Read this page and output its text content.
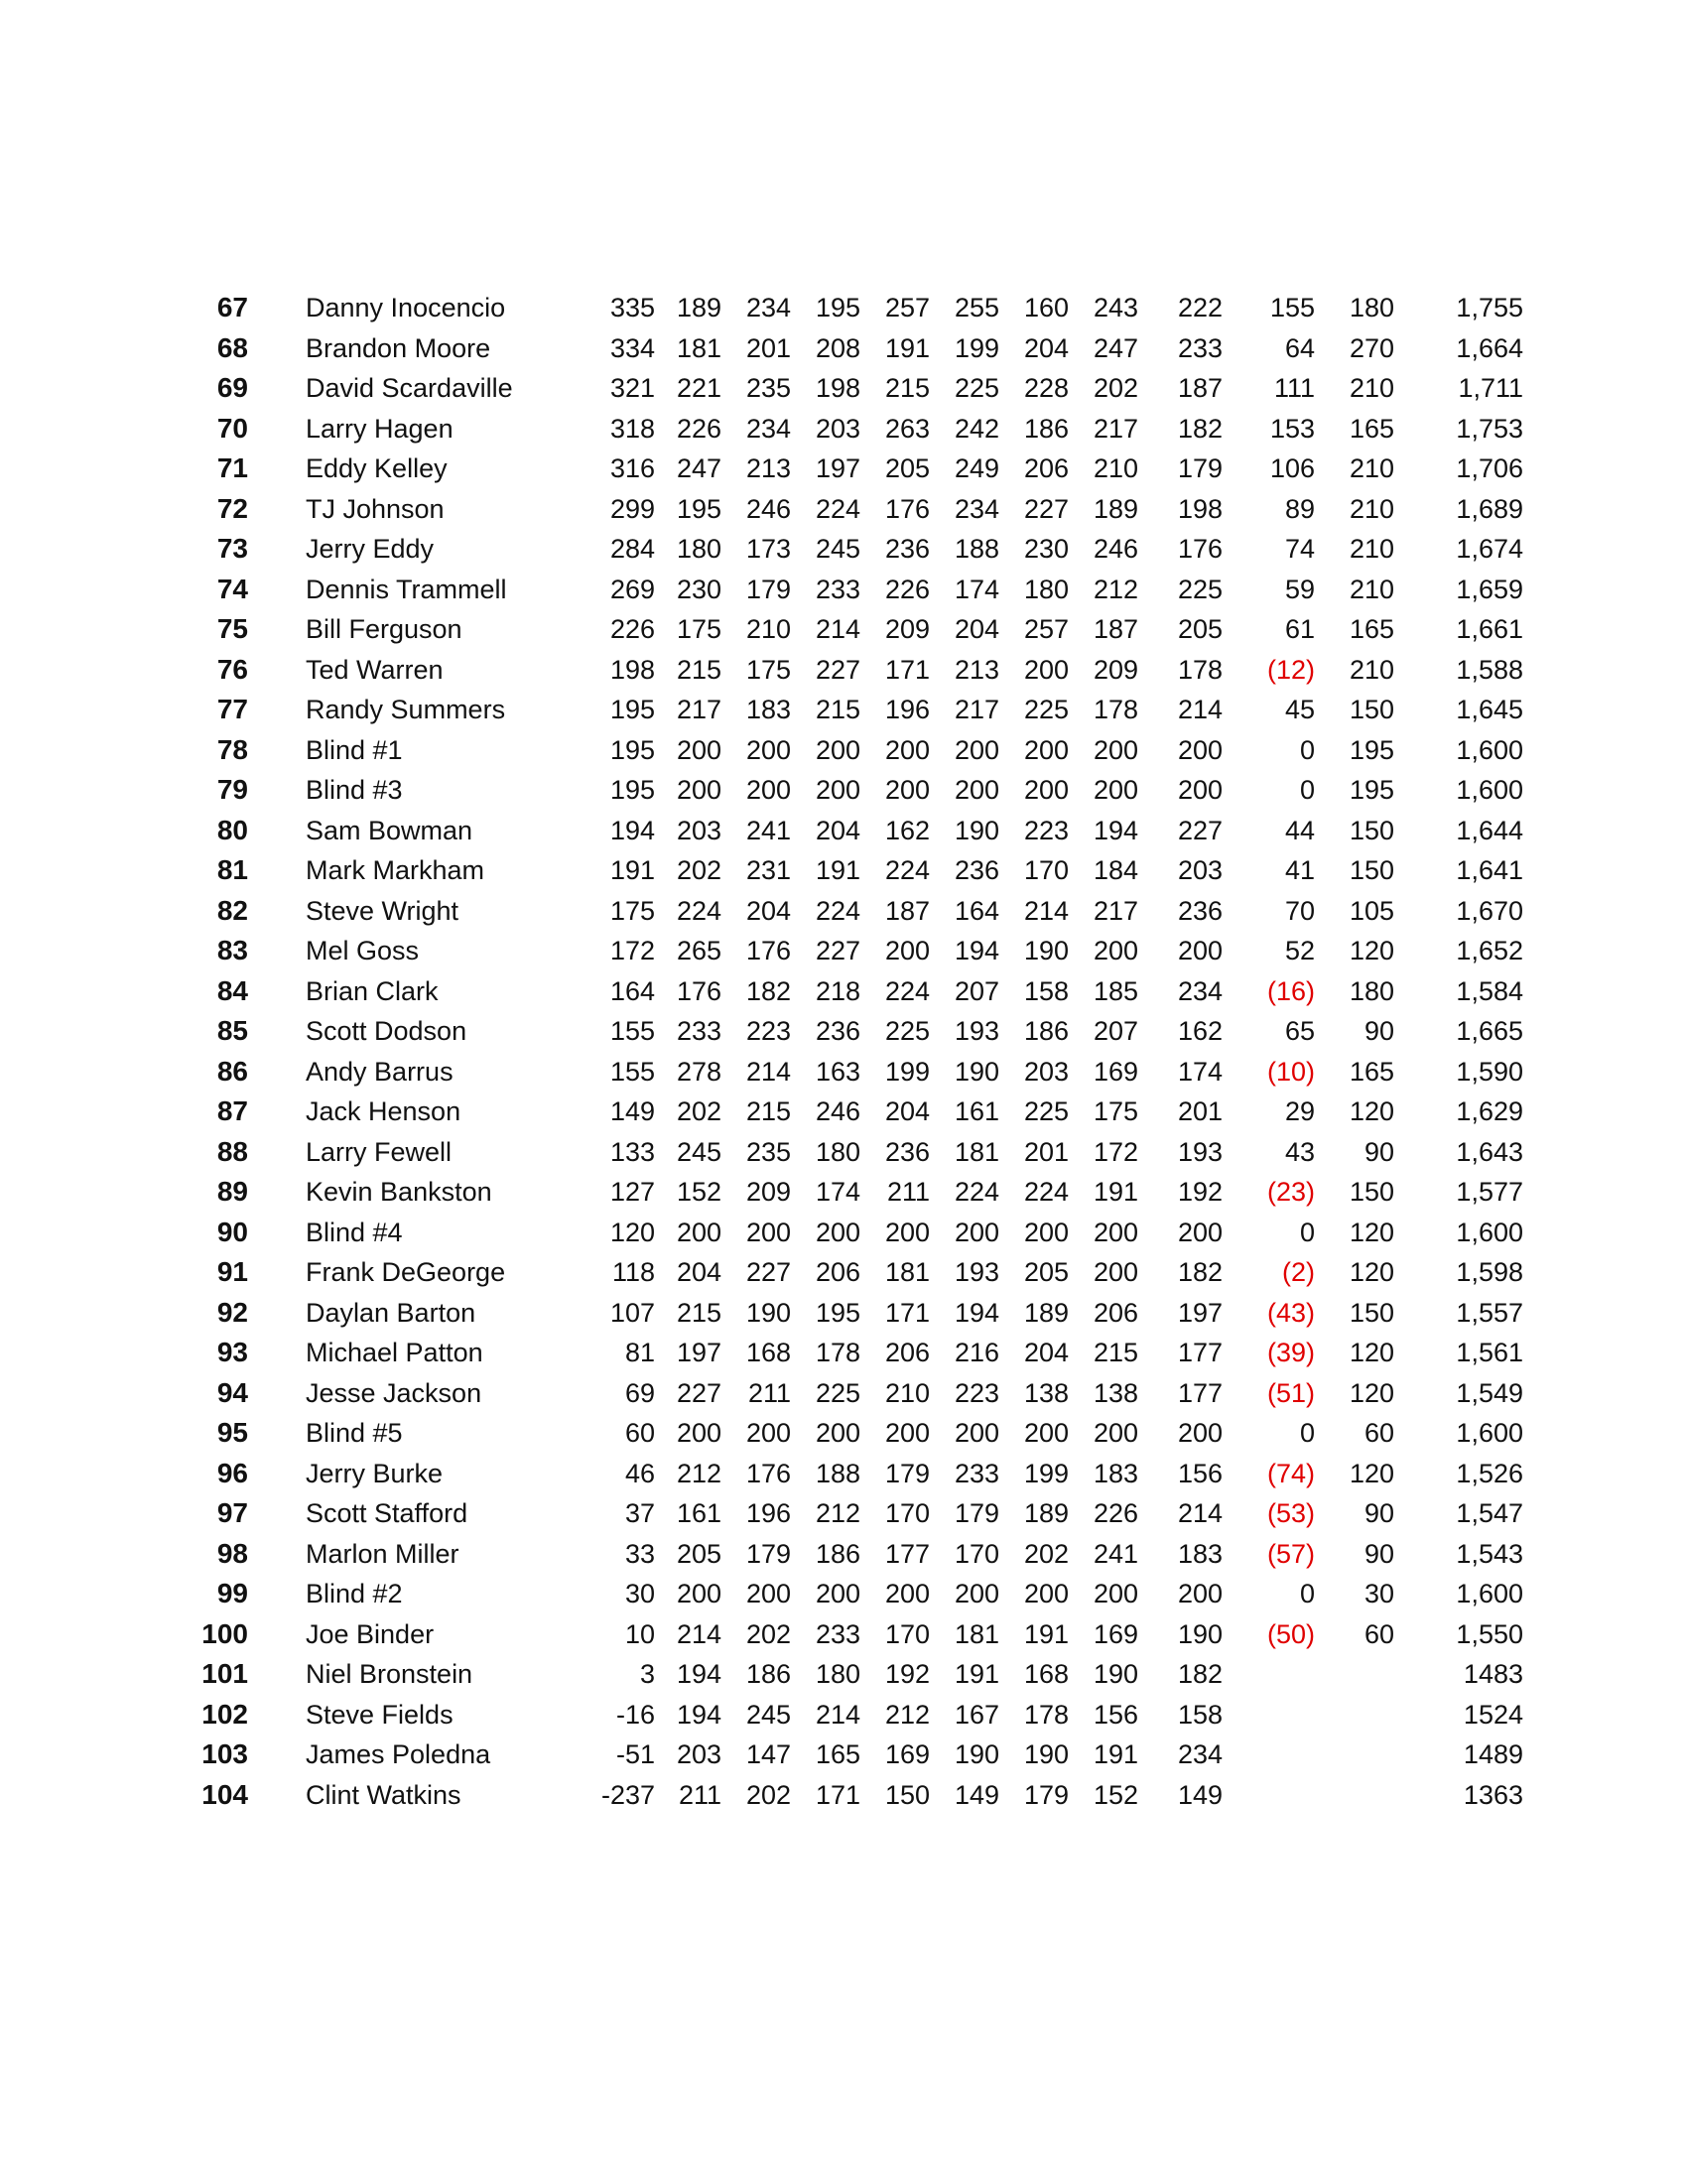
67 Danny Inocencio	335 189 234 195 257 255 160 243 222 155 180 1,755
68 Brandon Moore	334 181 201 208 191 199 204 247 233 64 270 1,664
69 David Scardaville	321 221 235 198 215 225 228 202 187 111 210 1,711
70 Larry Hagen	318 226 234 203 263 242 186 217 182 153 165 1,753
71 Eddy Kelley	316 247 213 197 205 249 206 210 179 106 210 1,706
72 TJ Johnson	299 195 246 224 176 234 227 189 198 89 210 1,689
73 Jerry Eddy	284 180 173 245 236 188 230 246 176 74 210 1,674
74 Dennis Trammell	269 230 179 233 226 174 180 212 225 59 210 1,659
75 Bill Ferguson	226 175 210 214 209 204 257 187 205 61 165 1,661
76 Ted Warren	198 215 175 227 171 213 200 209 178 (12) 210 1,588
77 Randy Summers	195 217 183 215 196 217 225 178 214 45 150 1,645
78 Blind #1	195 200 200 200 200 200 200 200 200	0 195 1,600
79 Blind #3	195 200 200 200 200 200 200 200 200	0 195 1,600
80 Sam Bowman	194 203 241 204 162 190 223 194 227 44 150 1,644
81 Mark Markham	191 202 231 191 224 236 170 184 203 41 150 1,641
82 Steve Wright	175 224 204 224 187 164 214 217 236 70 105 1,670
83 Mel Goss	172 265 176 227 200 194 190 200 200 52 120 1,652
84 Brian Clark	164 176 182 218 224 207 158 185 234 (16) 180 1,584
85 Scott Dodson	155 233 223 236 225 193 186 207 162 65 90 1,665
86 Andy Barrus	155 278 214 163 199 190 203 169 174 (10) 165 1,590
87 Jack Henson	149 202 215 246 204 161 225 175 201 29 120 1,629
88 Larry Fewell	133 245 235 180 236 181 201 172 193 43 90 1,643
89 Kevin Bankston	127 152 209 174 211 224 224 191 192 (23) 150 1,577
90 Blind #4	120 200 200 200 200 200 200 200 200	0 120 1,600
91 Frank DeGeorge	118 204 227 206 181 193 205 200 182 (2) 120 1,598
92 Daylan Barton	107 215 190 195 171 194 189 206 197 (43) 150 1,557
93 Michael Patton	81 197 168 178 206 216 204 215 177 (39) 120 1,561
94 Jesse Jackson	69 227 211 225 210 223 138 138 177 (51) 120 1,549
95 Blind #5	60 200 200 200 200 200 200 200 200	0 60 1,600
96 Jerry Burke	46 212 176 188 179 233 199 183 156 (74) 120 1,526
97 Scott Stafford	37 161 196 212 170 179 189 226 214 (53) 90 1,547
98 Marlon Miller	33 205 179 186 177 170 202 241 183 (57) 90 1,543
99 Blind #2	30 200 200 200 200 200 200 200 200	0 30 1,600
100 Joe Binder	10 214 202 233 170 181 191 169 190 (50) 60 1,550
101 Niel Bronstein	3 194 186 180 192 191 168 190 182	1483
102 Steve Fields	-16 194 245 214 212 167 178 156 158	1524
103 James Poledna	-51 203 147 165 169 190 190 191 234	1489
104 Clint Watkins	-237 211 202 171 150 149 179 152 149	1363
